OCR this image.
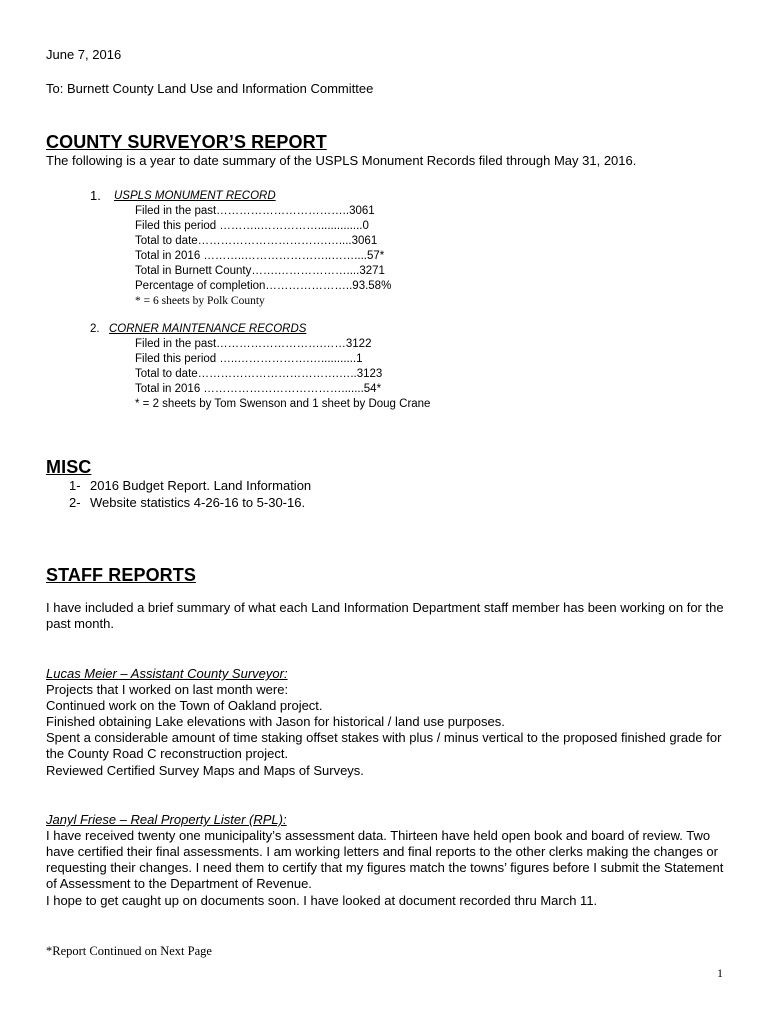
June 7, 2016
To: Burnett County Land Use and Information Committee
COUNTY SURVEYOR’S REPORT
The following is a year to date summary of the USPLS Monument Records filed through May 31, 2016.
1. USPLS MONUMENT RECORD
Filed in the past……………………………..3061
Filed this period ………..……………..............0
Total to date…………………………….…....3061
Total in 2016 ………..…………………..……....57*
Total in Burnett County…….………………....3271
Percentage of completion…………………..93.58%
* = 6 sheets by Polk County
2. CORNER MAINTENANCE RECORDS
Filed in the past……………………….……3122
Filed this period …..……………….…...........1
Total to date……………………………….…..3123
Total in 2016 ……………………………….......54*
* = 2 sheets by Tom Swenson and 1 sheet by Doug Crane
MISC
1- 2016 Budget Report. Land Information
2- Website statistics 4-26-16 to 5-30-16.
STAFF REPORTS
I have included a brief summary of what each Land Information Department staff member has been working on for the past month.
Lucas Meier – Assistant County Surveyor:
Projects that I worked on last month were:
Continued work on the Town of Oakland project.
Finished obtaining Lake elevations with Jason for historical / land use purposes.
Spent a considerable amount of time staking offset stakes with plus / minus vertical to the proposed finished grade for the County Road C reconstruction project.
Reviewed Certified Survey Maps and Maps of Surveys.
Janyl Friese – Real Property Lister (RPL):
I have received twenty one municipality’s assessment data. Thirteen have held open book and board of review. Two have certified their final assessments. I am working letters and final reports to the other clerks making the changes or requesting their changes. I need them to certify that my figures match the towns’ figures before I submit the Statement of Assessment to the Department of Revenue.
I hope to get caught up on documents soon. I have looked at document recorded thru March 11.
*Report Continued on Next Page
1
